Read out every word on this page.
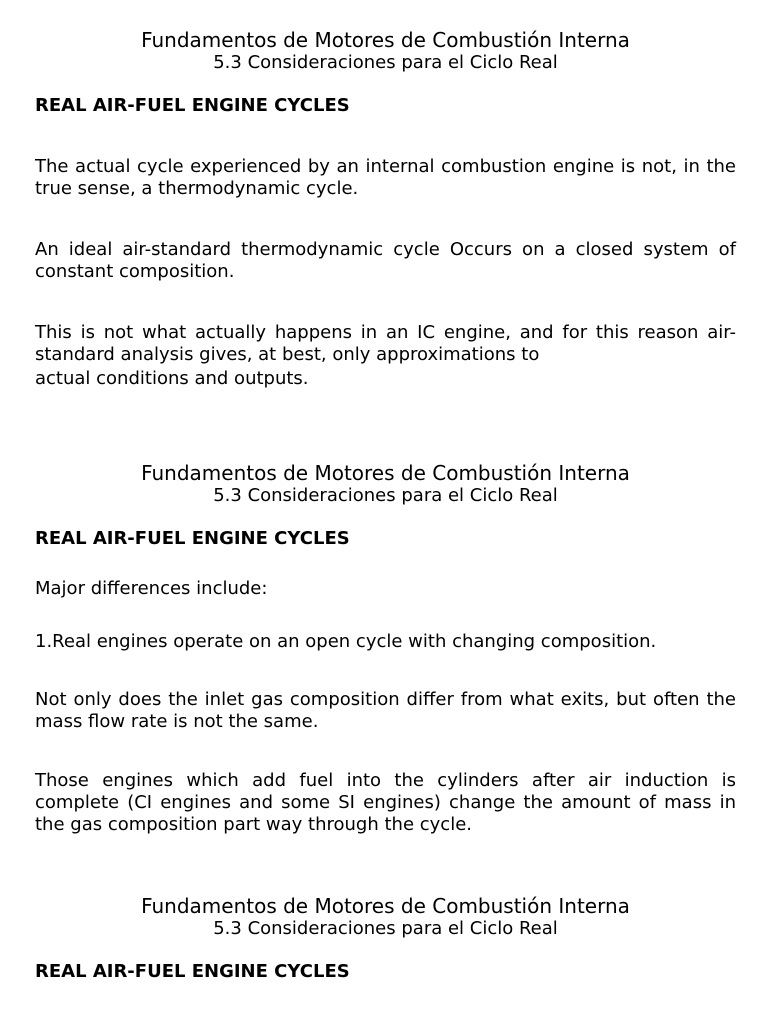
Fundamentos de Motores de Combustión Interna

5.3 Consideraciones para el Ciclo Real

REAL AIR-FUEL ENGINE CYCLES

The actual cycle experienced by an internal combustion engine is not, in the true sense, a thermodynamic cycle.

An ideal air-standard thermodynamic cycle Occurs on a closed system of constant composition.

This is not what actually happens in an IC engine, and for this reason air-standard analysis gives, at best, only approximations to

actual conditions and outputs.

Fundamentos de Motores de Combustión Interna

5.3 Consideraciones para el Ciclo Real

REAL AIR-FUEL ENGINE CYCLES

Major differences include:

1.Real engines operate on an open cycle with changing composition.

Not only does the inlet gas composition differ from what exits, but often the mass flow rate is not the same.

Those engines which add fuel into the cylinders after air induction is complete (CI engines and some SI engines) change the amount of mass in the gas composition part way through the cycle.

Fundamentos de Motores de Combustión Interna

5.3 Consideraciones para el Ciclo Real

REAL AIR-FUEL ENGINE CYCLES
